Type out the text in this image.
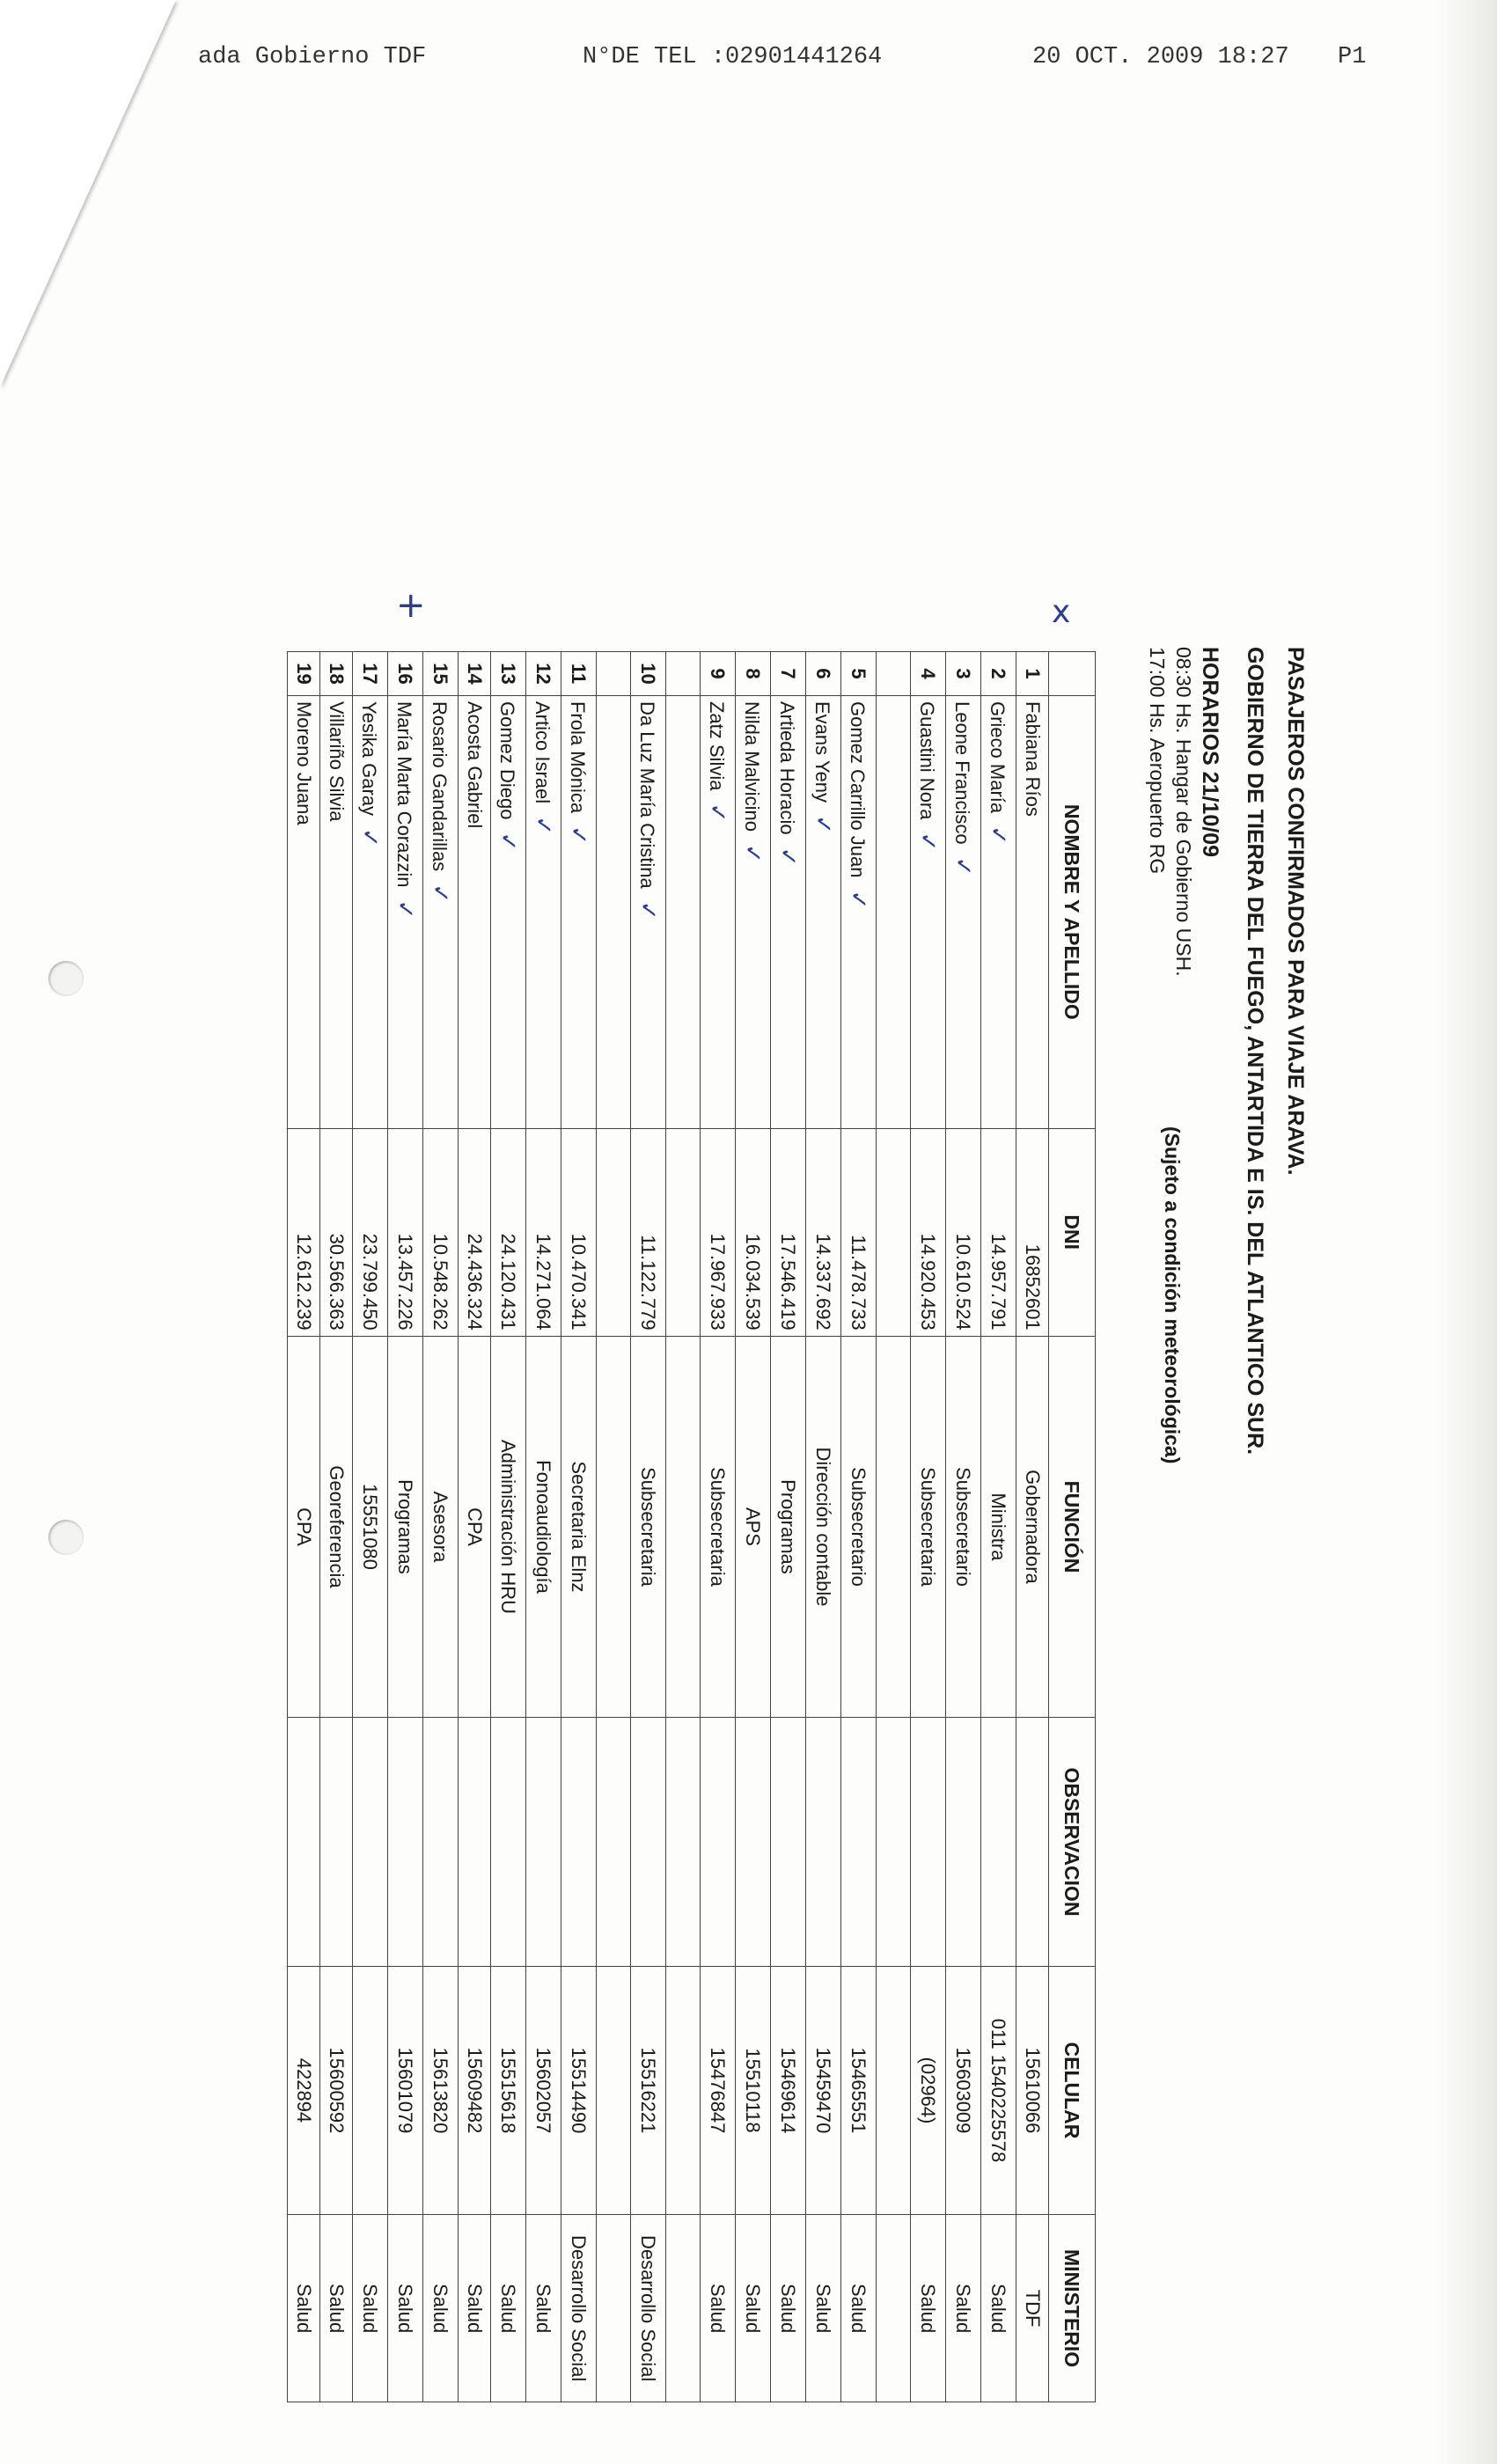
ada Gobierno TDF	N°DE TEL :02901441264	20 OCT. 2009 18:27 P1
+	x
PASAJEROS CONFIRMADOS PARA VIAJE ARAVA.
GOBIERNO DE TIERRA DEL FUEGO, ANTARTIDA E IS. DEL ATLANTICO SUR.
HORARIOS 21/10/09
08:30 Hs. Hangar de Gobierno USH.
17:00 Hs. Aeropuerto RG
(Sujeto a condición meteorológica)
	NOMBRE Y APELLIDO	DNI	FUNCIÓN	OBSERVACION	CELULAR	MINISTERIO
1	Fabiana Ríos	16852601	Gobernadora		15610066	TDF
2	Grieco María✓	14.957.791	Ministra		011 1540225578	Salud
3	Leone Francisco✓	10.610.524	Subsecretario		15603009	Salud
4	Guastini Nora✓	14.920.453	Subsecretaria		(02964)	Salud

5	Gomez Carrillo Juan✓	11.478.733	Subsecretario		15465551	Salud
6	Evans Yeny✓	14.337.692	Dirección contable		15459470	Salud
7	Artieda Horacio✓	17.546.419	Programas		15469614	Salud
8	Nilda Malvicino✓	16.034.539	APS		15510118	Salud
9	Zatz Silvia✓	17.967.933	Subsecretaria		15476847	Salud

10	Da Luz María Cristina✓	11.122.779	Subsecretaria		15516221	Desarrollo Social

11	Frola Mónica✓	10.470.341	Secretaria Elnz		15514490	Desarrollo Social
12	Artico Israel✓	14.271.064	Fonoaudiología		15602057	Salud
13	Gomez Diego✓	24.120.431	Administración HRU		15515618	Salud
14	Acosta Gabriel	24.436.324	CPA		15609482	Salud
15	Rosario Gandarillas✓	10.548.262	Asesora		15613820	Salud
16	María Marta Corazzin✓	13.457.226	Programas		15601079	Salud
17	Yesika Garay✓	23.799.450	15551080			Salud
18	Villariño Silvia	30.566.363	Georeferencia		15600592	Salud
19	Moreno Juana	12.612.239	CPA		422894	Salud
